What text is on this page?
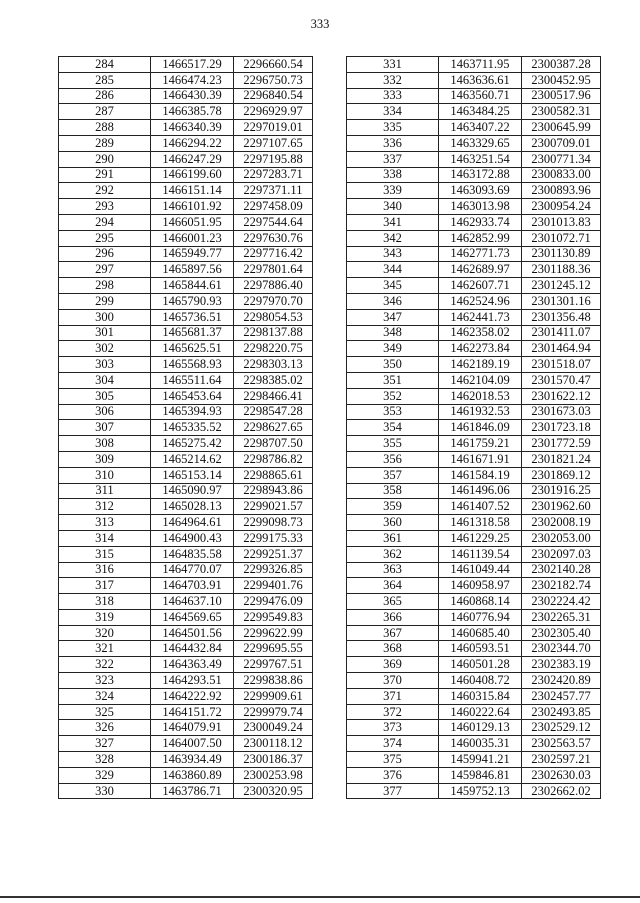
333
284	1466517.29	2296660.54
285	1466474.23	2296750.73
286	1466430.39	2296840.54
287	1466385.78	2296929.97
288	1466340.39	2297019.01
289	1466294.22	2297107.65
290	1466247.29	2297195.88
291	1466199.60	2297283.71
292	1466151.14	2297371.11
293	1466101.92	2297458.09
294	1466051.95	2297544.64
295	1466001.23	2297630.76
296	1465949.77	2297716.42
297	1465897.56	2297801.64
298	1465844.61	2297886.40
299	1465790.93	2297970.70
300	1465736.51	2298054.53
301	1465681.37	2298137.88
302	1465625.51	2298220.75
303	1465568.93	2298303.13
304	1465511.64	2298385.02
305	1465453.64	2298466.41
306	1465394.93	2298547.28
307	1465335.52	2298627.65
308	1465275.42	2298707.50
309	1465214.62	2298786.82
310	1465153.14	2298865.61
311	1465090.97	2298943.86
312	1465028.13	2299021.57
313	1464964.61	2299098.73
314	1464900.43	2299175.33
315	1464835.58	2299251.37
316	1464770.07	2299326.85
317	1464703.91	2299401.76
318	1464637.10	2299476.09
319	1464569.65	2299549.83
320	1464501.56	2299622.99
321	1464432.84	2299695.55
322	1464363.49	2299767.51
323	1464293.51	2299838.86
324	1464222.92	2299909.61
325	1464151.72	2299979.74
326	1464079.91	2300049.24
327	1464007.50	2300118.12
328	1463934.49	2300186.37
329	1463860.89	2300253.98
330	1463786.71	2300320.95
331	1463711.95	2300387.28
332	1463636.61	2300452.95
333	1463560.71	2300517.96
334	1463484.25	2300582.31
335	1463407.22	2300645.99
336	1463329.65	2300709.01
337	1463251.54	2300771.34
338	1463172.88	2300833.00
339	1463093.69	2300893.96
340	1463013.98	2300954.24
341	1462933.74	2301013.83
342	1462852.99	2301072.71
343	1462771.73	2301130.89
344	1462689.97	2301188.36
345	1462607.71	2301245.12
346	1462524.96	2301301.16
347	1462441.73	2301356.48
348	1462358.02	2301411.07
349	1462273.84	2301464.94
350	1462189.19	2301518.07
351	1462104.09	2301570.47
352	1462018.53	2301622.12
353	1461932.53	2301673.03
354	1461846.09	2301723.18
355	1461759.21	2301772.59
356	1461671.91	2301821.24
357	1461584.19	2301869.12
358	1461496.06	2301916.25
359	1461407.52	2301962.60
360	1461318.58	2302008.19
361	1461229.25	2302053.00
362	1461139.54	2302097.03
363	1461049.44	2302140.28
364	1460958.97	2302182.74
365	1460868.14	2302224.42
366	1460776.94	2302265.31
367	1460685.40	2302305.40
368	1460593.51	2302344.70
369	1460501.28	2302383.19
370	1460408.72	2302420.89
371	1460315.84	2302457.77
372	1460222.64	2302493.85
373	1460129.13	2302529.12
374	1460035.31	2302563.57
375	1459941.21	2302597.21
376	1459846.81	2302630.03
377	1459752.13	2302662.02
